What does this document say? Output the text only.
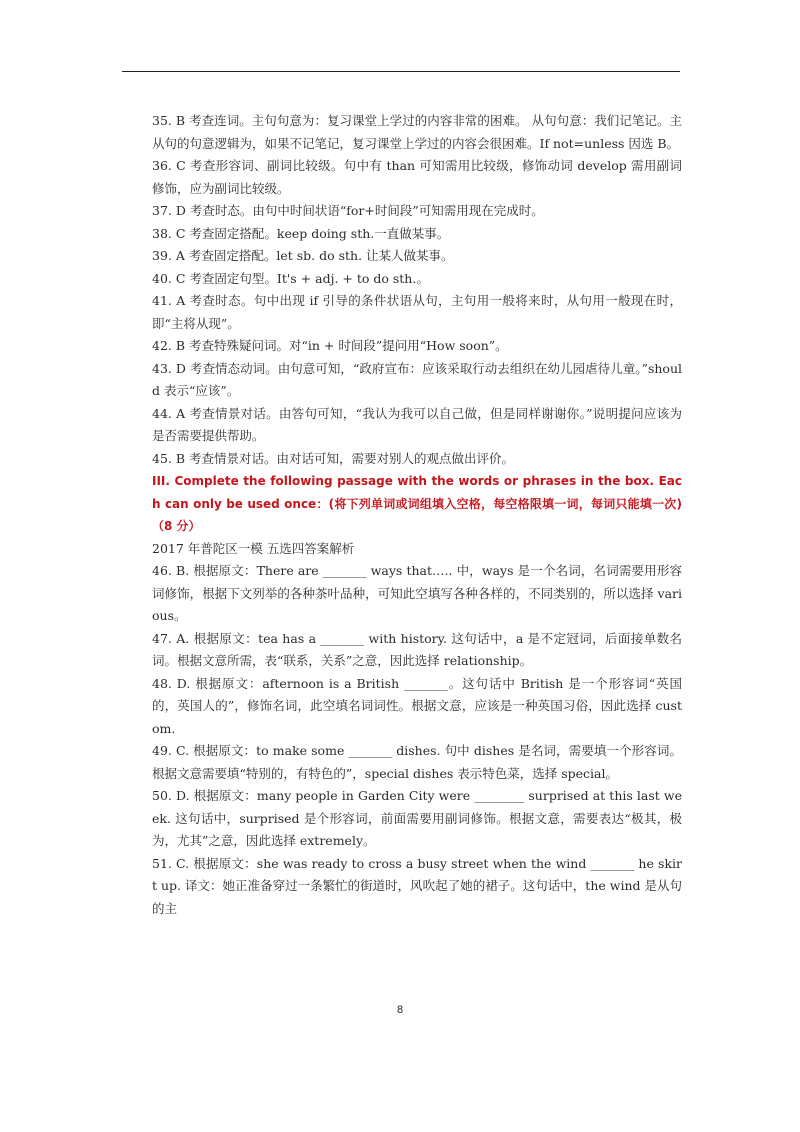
35. B 考查连词。主句句意为：复习课堂上学过的内容非常的困难。 从句句意：我们记笔记。主从句的句意逻辑为，如果不记笔记，复习课堂上学过的内容会很困难。If not=unless 因选 B。

36. C 考查形容词、副词比较级。句中有 than 可知需用比较级，修饰动词 develop 需用副词修饰，应为副词比较级。

37. D 考查时态。由句中时间状语“for+时间段”可知需用现在完成时。

38. C 考查固定搭配。keep doing sth.一直做某事。

39. A 考查固定搭配。let sb. do sth. 让某人做某事。

40. C 考查固定句型。It's + adj. + to do sth.。

41. A 考查时态。句中出现 if 引导的条件状语从句，主句用一般将来时，从句用一般现在时，即“主将从现”。

42. B 考查特殊疑问词。对“in + 时间段”提问用“How soon”。

43. D 考查情态动词。由句意可知，“政府宣布：应该采取行动去组织在幼儿园虐待儿童。”should 表示“应该”。

44. A 考查情景对话。由答句可知，“我认为我可以自己做，但是同样谢谢你。”说明提问应该为是否需要提供帮助。

45. B 考查情景对话。由对话可知，需要对别人的观点做出评价。

III. Complete the following passage with the words or phrases in the box. Each can only be used once：(将下列单词或词组填入空格，每空格限填一词，每词只能填一次)（8 分）

2017 年普陀区一模 五选四答案解析

46. B. 根据原文：There are _______ ways that….. 中，ways 是一个名词，名词需要用形容词修饰，根据下文列举的各种茶叶品种，可知此空填写各种各样的，不同类别的，所以选择 various。

47. A. 根据原文：tea has a _______ with history. 这句话中，a 是不定冠词，后面接单数名词。根据文意所需，表“联系，关系”之意，因此选择 relationship。

48. D. 根据原文：afternoon is a British _______。这句话中 British 是一个形容词“英国的，英国人的”，修饰名词，此空填名词词性。根据文意，应该是一种英国习俗，因此选择 custom.

49. C. 根据原文：to make some _______ dishes. 句中 dishes 是名词，需要填一个形容词。根据文意需要填“特别的，有特色的”，special dishes 表示特色菜，选择 special。

50. D. 根据原文：many people in Garden City were ________ surprised at this last week. 这句话中，surprised 是个形容词，前面需要用副词修饰。根据文意，需要表达“极其，极为，尤其”之意，因此选择 extremely。

51. C. 根据原文：she was ready to cross a busy street when the wind _______ he skirt up. 译文：她正准备穿过一条繁忙的街道时，风吹起了她的裙子。这句话中，the wind 是从句的主

8
